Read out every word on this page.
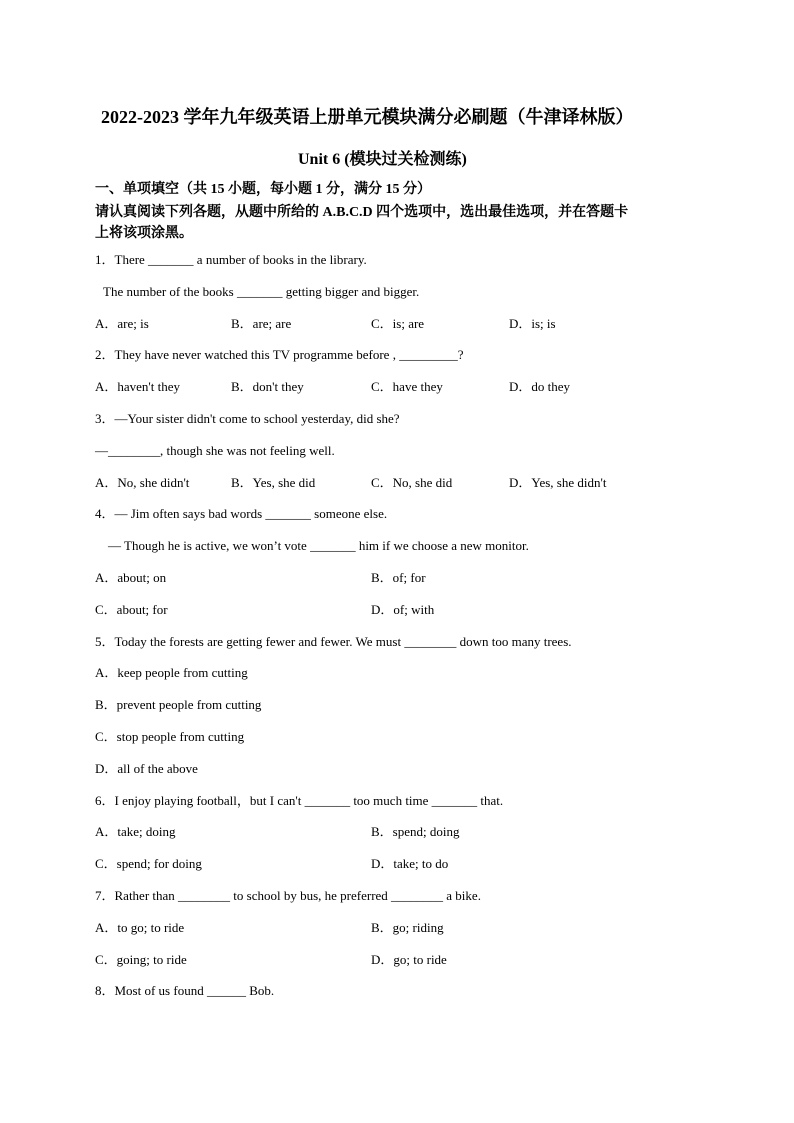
2022-2023 学年九年级英语上册单元模块满分必刷题（牛津译林版）
Unit 6 (模块过关检测练)
一、单项填空（共 15 小题，每小题 1 分，满分 15 分）
请认真阅读下列各题，从题中所给的 A.B.C.D 四个选项中，选出最佳选项，并在答题卡
上将该项涂黑。
1．There _______ a number of books in the library.
The number of the books _______ getting bigger and bigger.
A．are; is	B．are; are	C．is; are	D．is; is
2．They have never watched this TV programme before , _________?
A．haven't they	B．don't they	C．have they	D．do they
3．—Your sister didn't come to school yesterday, did she?
—________, though she was not feeling well.
A．No, she didn't	B．Yes, she did	C．No, she did	D．Yes, she didn't
4．— Jim often says bad words _______ someone else.
— Though he is active, we won’t vote _______ him if we choose a new monitor.
A．about; on	B．of; for
C．about; for	D．of; with
5．Today the forests are getting fewer and fewer. We must ________ down too many trees.
A．keep people from cutting
B．prevent people from cutting
C．stop people from cutting
D．all of the above
6．I enjoy playing football，but I can't _______ too much time _______ that.
A．take; doing	B．spend; doing
C．spend; for doing	D．take; to do
7．Rather than ________ to school by bus, he preferred ________ a bike.
A．to go; to ride	B．go; riding
C．going; to ride	D．go; to ride
8．Most of us found ______ Bob.
